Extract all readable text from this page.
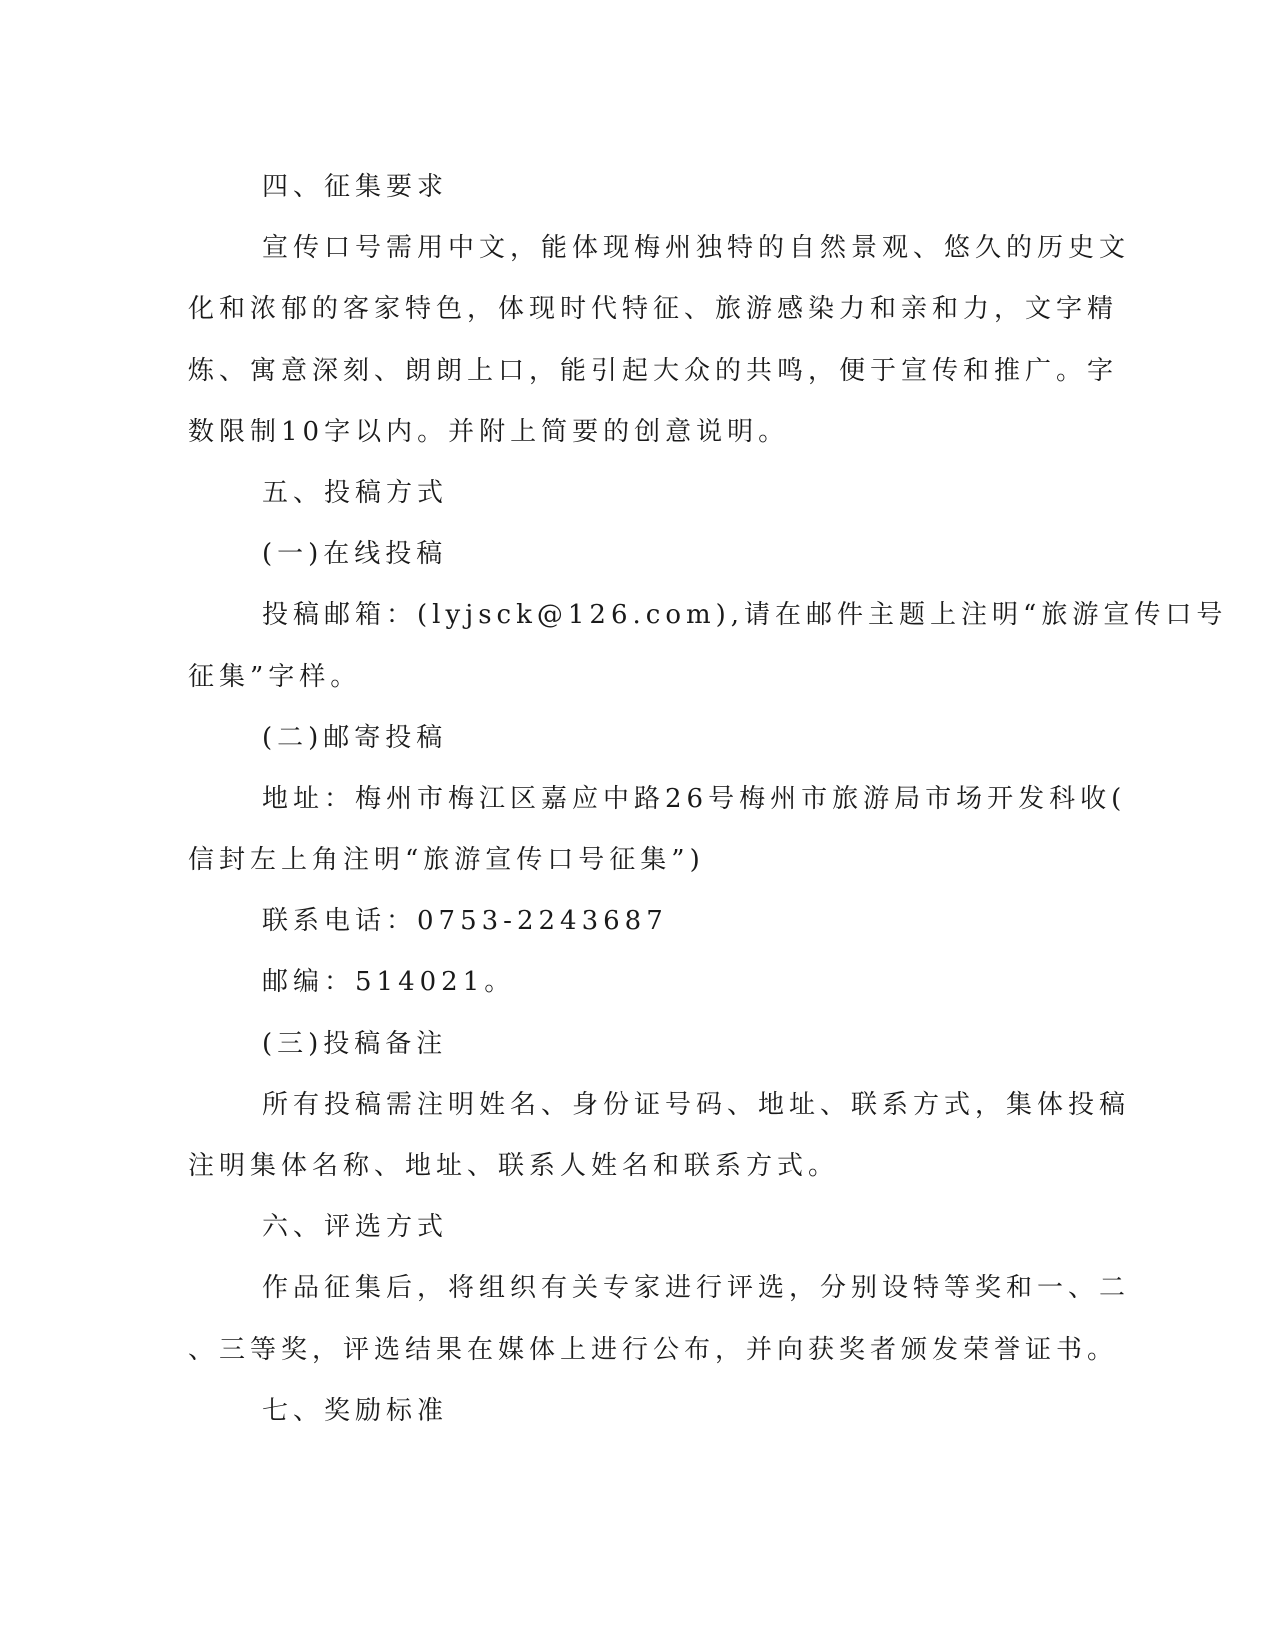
四、征集要求
宣传口号需用中文，能体现梅州独特的自然景观、悠久的历史文
化和浓郁的客家特色，体现时代特征、旅游感染力和亲和力，文字精
炼、寓意深刻、朗朗上口，能引起大众的共鸣，便于宣传和推广。字
数限制10字以内。并附上简要的创意说明。
五、投稿方式
(一)在线投稿
投稿邮箱：(lyjsck@126.com),请在邮件主题上注明“旅游宣传口号
征集”字样。
(二)邮寄投稿
地址：梅州市梅江区嘉应中路26号梅州市旅游局市场开发科收(
信封左上角注明“旅游宣传口号征集”)
联系电话：0753-2243687
邮编：514021。
(三)投稿备注
所有投稿需注明姓名、身份证号码、地址、联系方式，集体投稿
注明集体名称、地址、联系人姓名和联系方式。
六、评选方式
作品征集后，将组织有关专家进行评选，分别设特等奖和一、二
、三等奖，评选结果在媒体上进行公布，并向获奖者颁发荣誉证书。
七、奖励标准
